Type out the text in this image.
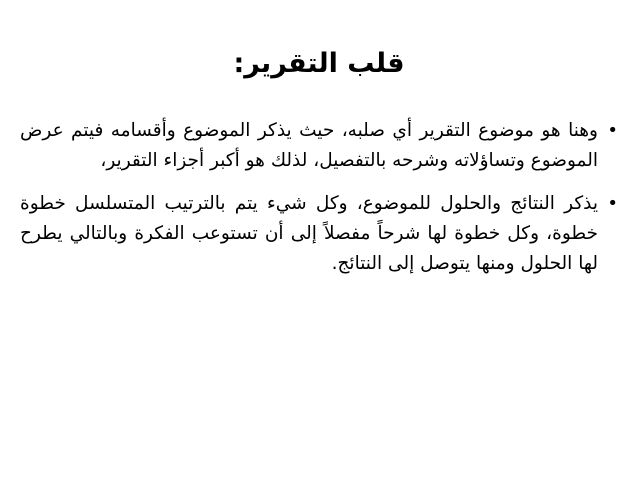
قلب التقرير:
•
وهنا هو موضوع التقرير أي صلبه، حيث يذكر الموضوع وأقسامه فيتم عرض الموضوع وتساؤلاته وشرحه بالتفصيل، لذلك هو أكبر أجزاء التقرير،
•
يذكر النتائج والحلول للموضوع، وكل شيء يتم بالترتيب المتسلسل خطوة خطوة، وكل خطوة لها شرحاً مفصلاً إلى أن تستوعب الفكرة وبالتالي يطرح لها الحلول ومنها يتوصل إلى النتائج.
